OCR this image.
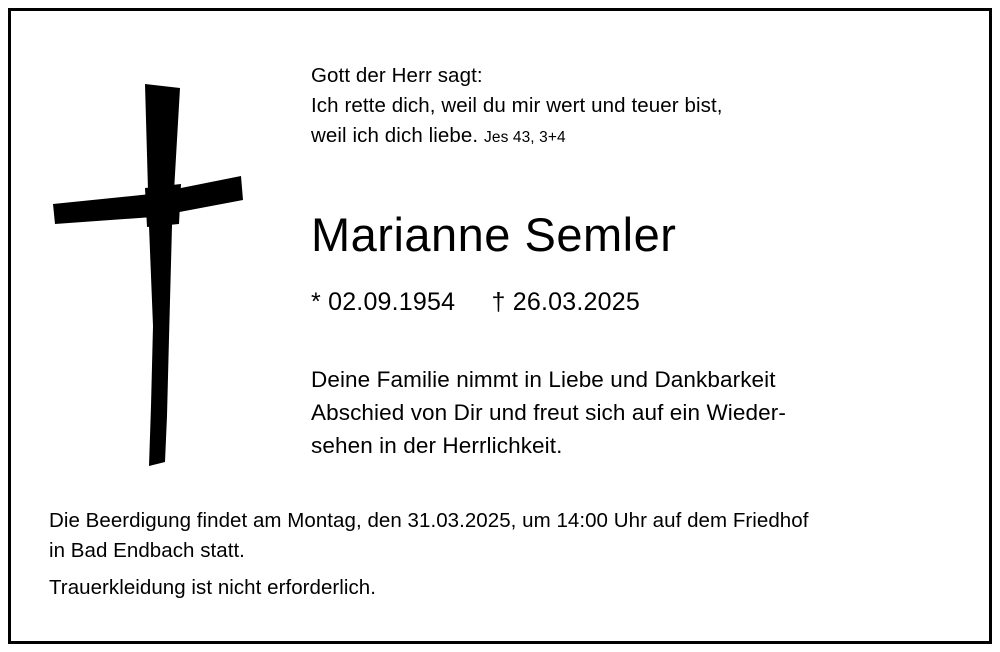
Gott der Herr sagt:
Ich rette dich, weil du mir wert und teuer bist,
weil ich dich liebe. Jes 43, 3+4
Marianne Semler
* 02.09.1954 † 26.03.2025
Deine Familie nimmt in Liebe und Dankbarkeit
Abschied von Dir und freut sich auf ein Wieder-
sehen in der Herrlichkeit.
Die Beerdigung findet am Montag, den 31.03.2025, um 14:00 Uhr auf dem Friedhof
in Bad Endbach statt.
Trauerkleidung ist nicht erforderlich.
